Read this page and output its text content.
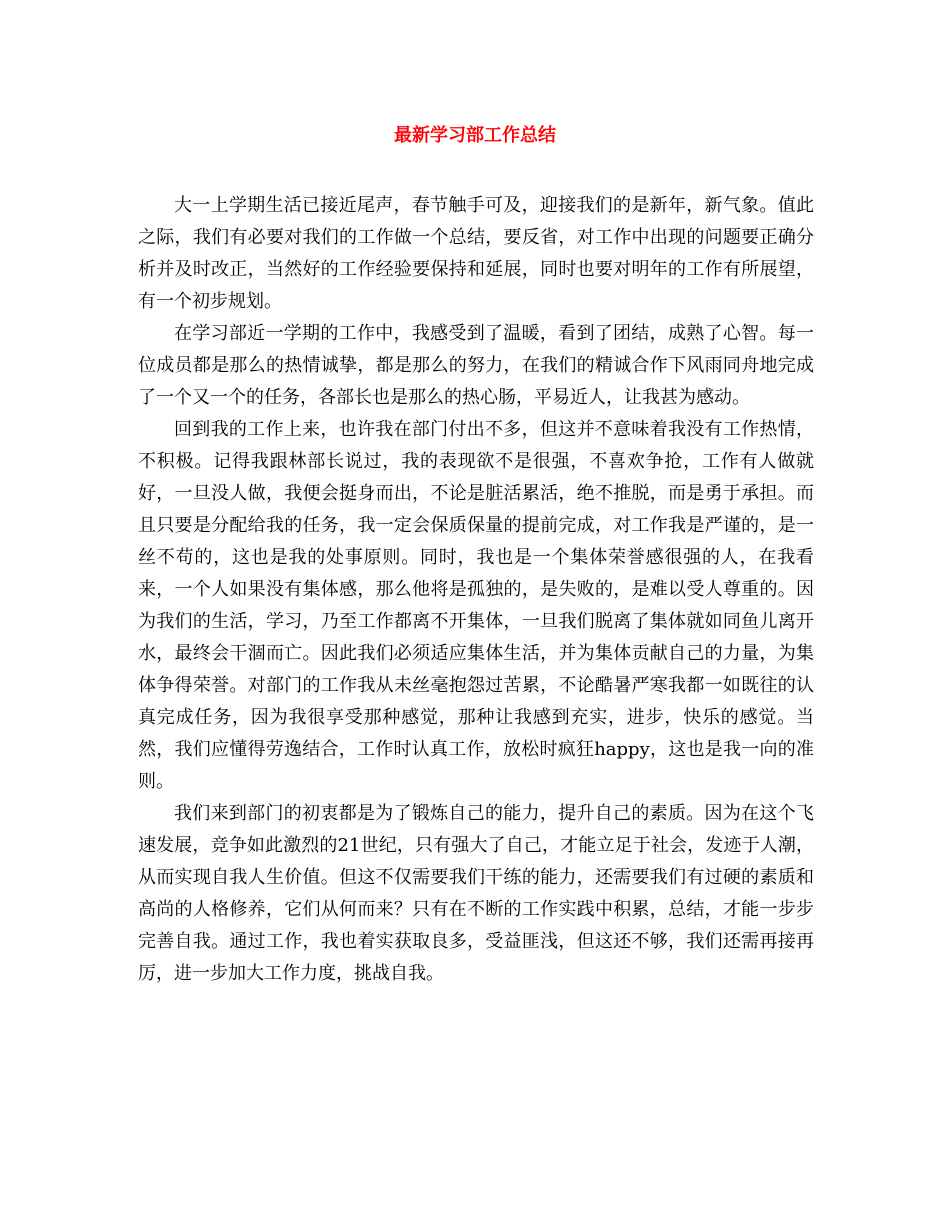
最新学习部工作总结

大一上学期生活已接近尾声，春节触手可及，迎接我们的是新年，新气象。值此之际，我们有必要对我们的工作做一个总结，要反省，对工作中出现的问题要正确分析并及时改正，当然好的工作经验要保持和延展，同时也要对明年的工作有所展望，有一个初步规划。

在学习部近一学期的工作中，我感受到了温暖，看到了团结，成熟了心智。每一位成员都是那么的热情诚挚，都是那么的努力，在我们的精诚合作下风雨同舟地完成了一个又一个的任务，各部长也是那么的热心肠，平易近人，让我甚为感动。

回到我的工作上来，也许我在部门付出不多，但这并不意味着我没有工作热情，不积极。记得我跟林部长说过，我的表现欲不是很强，不喜欢争抢，工作有人做就好，一旦没人做，我便会挺身而出，不论是脏活累活，绝不推脱，而是勇于承担。而且只要是分配给我的任务，我一定会保质保量的提前完成，对工作我是严谨的，是一丝不苟的，这也是我的处事原则。同时，我也是一个集体荣誉感很强的人，在我看来，一个人如果没有集体感，那么他将是孤独的，是失败的，是难以受人尊重的。因为我们的生活，学习，乃至工作都离不开集体，一旦我们脱离了集体就如同鱼儿离开水，最终会干涸而亡。因此我们必须适应集体生活，并为集体贡献自己的力量，为集体争得荣誉。对部门的工作我从未丝毫抱怨过苦累，不论酷暑严寒我都一如既往的认真完成任务，因为我很享受那种感觉，那种让我感到充实，进步，快乐的感觉。当然，我们应懂得劳逸结合，工作时认真工作，放松时疯狂happy，这也是我一向的准则。

我们来到部门的初衷都是为了锻炼自己的能力，提升自己的素质。因为在这个飞速发展，竞争如此激烈的21世纪，只有强大了自己，才能立足于社会，发迹于人潮，从而实现自我人生价值。但这不仅需要我们干练的能力，还需要我们有过硬的素质和高尚的人格修养，它们从何而来？只有在不断的工作实践中积累，总结，才能一步步完善自我。通过工作，我也着实获取良多，受益匪浅，但这还不够，我们还需再接再厉，进一步加大工作力度，挑战自我。
